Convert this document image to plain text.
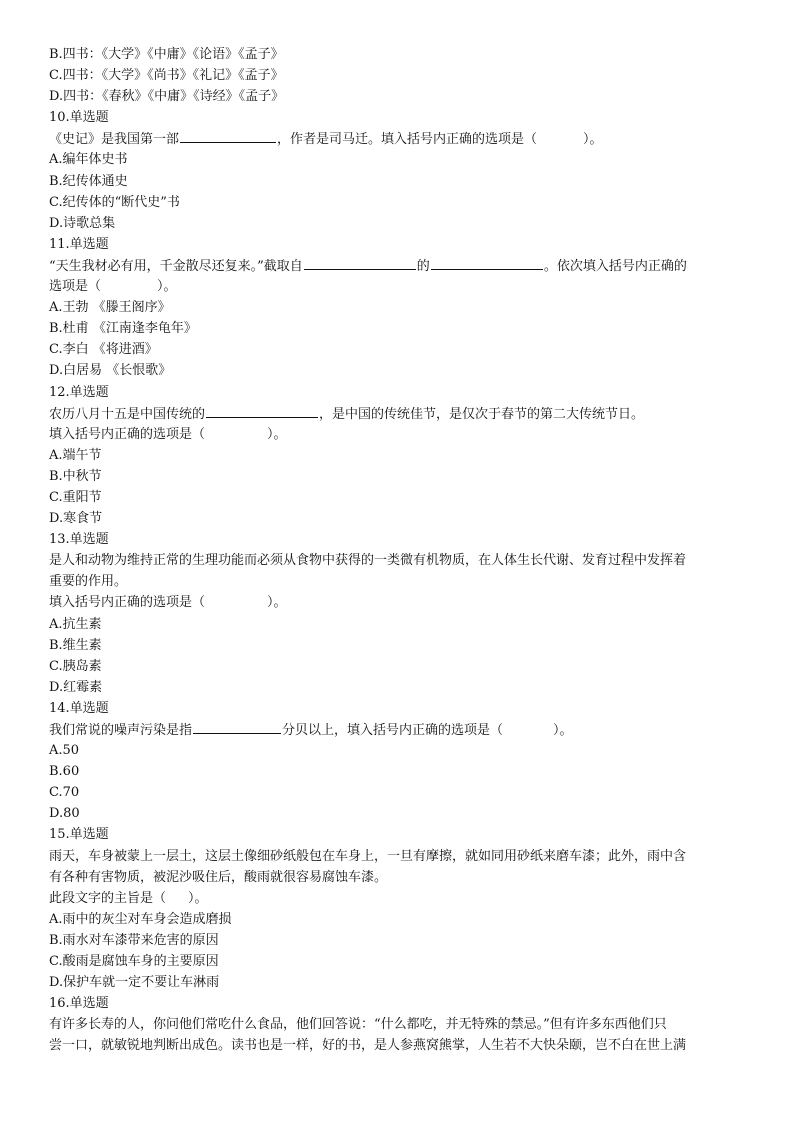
B.四书：《大学》《中庸》《论语》《孟子》
C.四书：《大学》《尚书》《礼记》《孟子》
D.四书：《春秋》《中庸》《诗经》《孟子》
10.单选题
《史记》是我国第一部	，作者是司马迁。填入括号内正确的选项是（	）。
A.编年体史书
B.纪传体通史
C.纪传体的“断代史”书
D.诗歌总集
11.单选题
“天生我材必有用，千金散尽还复来。”截取自	的	。依次填入括号内正确的
选项是（	）。
A.王勃 《滕王阁序》
B.杜甫 《江南逢李龟年》
C.李白 《将进酒》
D.白居易 《长恨歌》
12.单选题
农历八月十五是中国传统的	，是中国的传统佳节，是仅次于春节的第二大传统节日。
填入括号内正确的选项是（	）。
A.端午节
B.中秋节
C.重阳节
D.寒食节
13.单选题
是人和动物为维持正常的生理功能而必须从食物中获得的一类微有机物质，在人体生长代谢、发育过程中发挥着
重要的作用。
填入括号内正确的选项是（	）。
A.抗生素
B.维生素
C.胰岛素
D.红霉素
14.单选题
我们常说的噪声污染是指	分贝以上，填入括号内正确的选项是（	）。
A.50
B.60
C.70
D.80
15.单选题
雨天，车身被蒙上一层土，这层土像细砂纸般包在车身上，一旦有摩擦，就如同用砂纸来磨车漆；此外，雨中含
有各种有害物质，被泥沙吸住后，酸雨就很容易腐蚀车漆。
此段文字的主旨是（ ）。
A.雨中的灰尘对车身会造成磨损
B.雨水对车漆带来危害的原因
C.酸雨是腐蚀车身的主要原因
D.保护车就一定不要让车淋雨
16.单选题
有许多长寿的人，你问他们常吃什么食品，他们回答说：“什么都吃，并无特殊的禁忌。”但有许多东西他们只
尝一口，就敏锐地判断出成色。读书也是一样，好的书，是人参燕窝熊掌，人生若不大快朵颐，岂不白在世上满
